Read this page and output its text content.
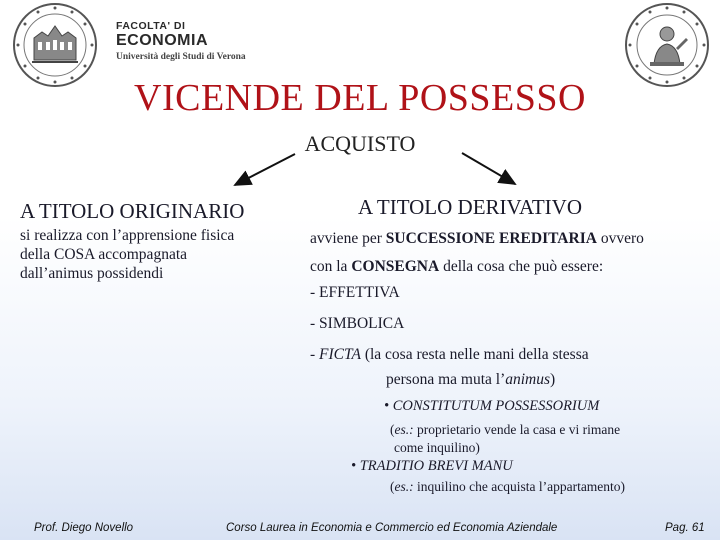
FACOLTA' DI
ECONOMIA
Università degli Studi di Verona
VICENDE DEL POSSESSO
ACQUISTO
A TITOLO ORIGINARIO	A TITOLO DERIVATIVO
si realizza con l’apprensione fisica
della COSA accompagnata
dall’animus possidendi
avviene per SUCCESSIONE EREDITARIA ovvero
con la CONSEGNA della cosa che può essere:
- EFFETTIVA
- SIMBOLICA
- FICTA (la cosa resta nelle mani della stessa
persona ma muta l’animus)
• CONSTITUTUM POSSESSORIUM
(es.: proprietario vende la casa e vi rimane
come inquilino)
• TRADITIO BREVI MANU
(es.: inquilino che acquista l’appartamento)
Prof. Diego Novello	Corso Laurea in Economia e Commercio ed Economia Aziendale	Pag. 61
